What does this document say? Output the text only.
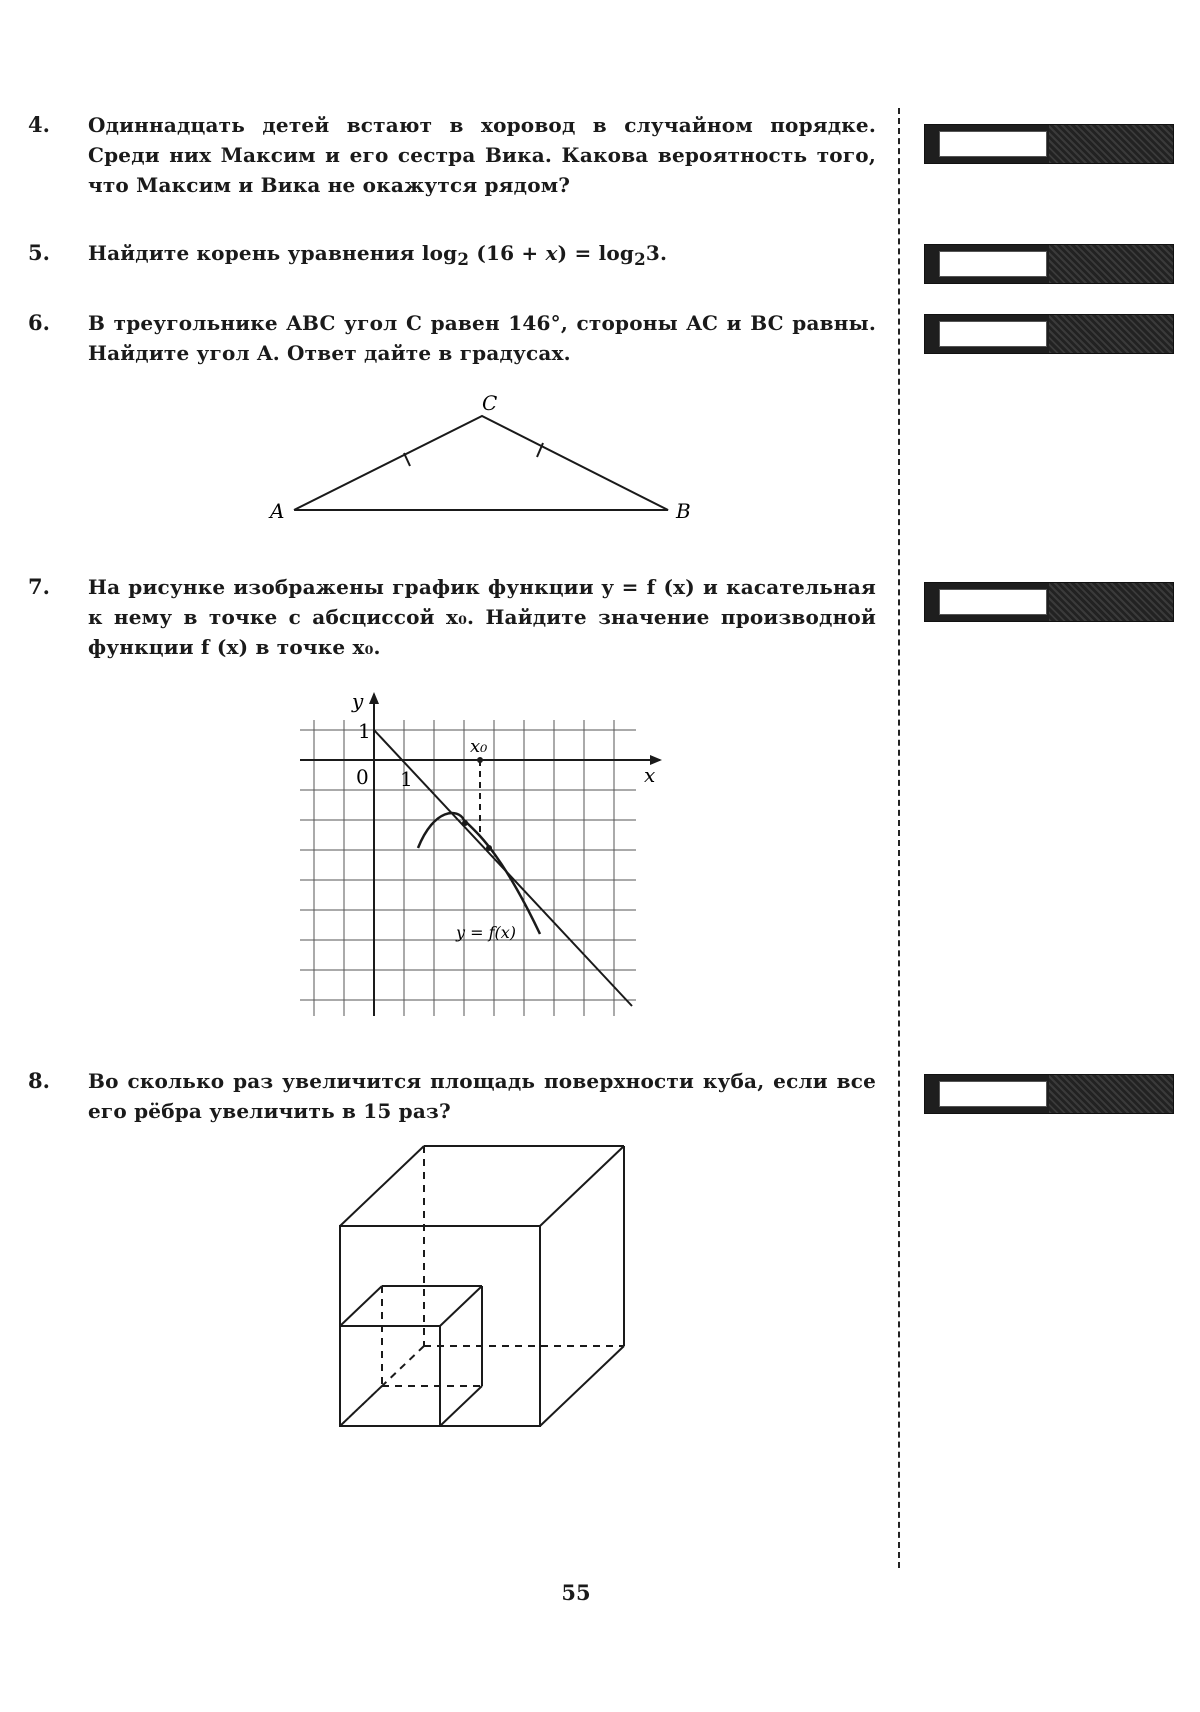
4. Одиннадцать детей встают в хоровод в случайном порядке. Среди них Максим и его сестра Вика. Какова вероятность того, что Максим и Вика не окажутся рядом?
5. Найдите корень уравнения $\log_2 (16 + x) = \log_23$.
6. В треугольнике ABC угол C равен 146°, стороны AC и BC равны. Найдите угол A. Ответ дайте в градусах.
A	B
C
7. На рисунке изображены график функции y = f (x) и касательная к нему в точке с абсциссой x₀. Найдите значение производной функции f (x) в точке x₀.
x
y
0 1
1
x₀
y = f(x)
8. Во сколько раз увеличится площадь поверхности куба, если все его рёбра увеличить в 15 раз?
55
